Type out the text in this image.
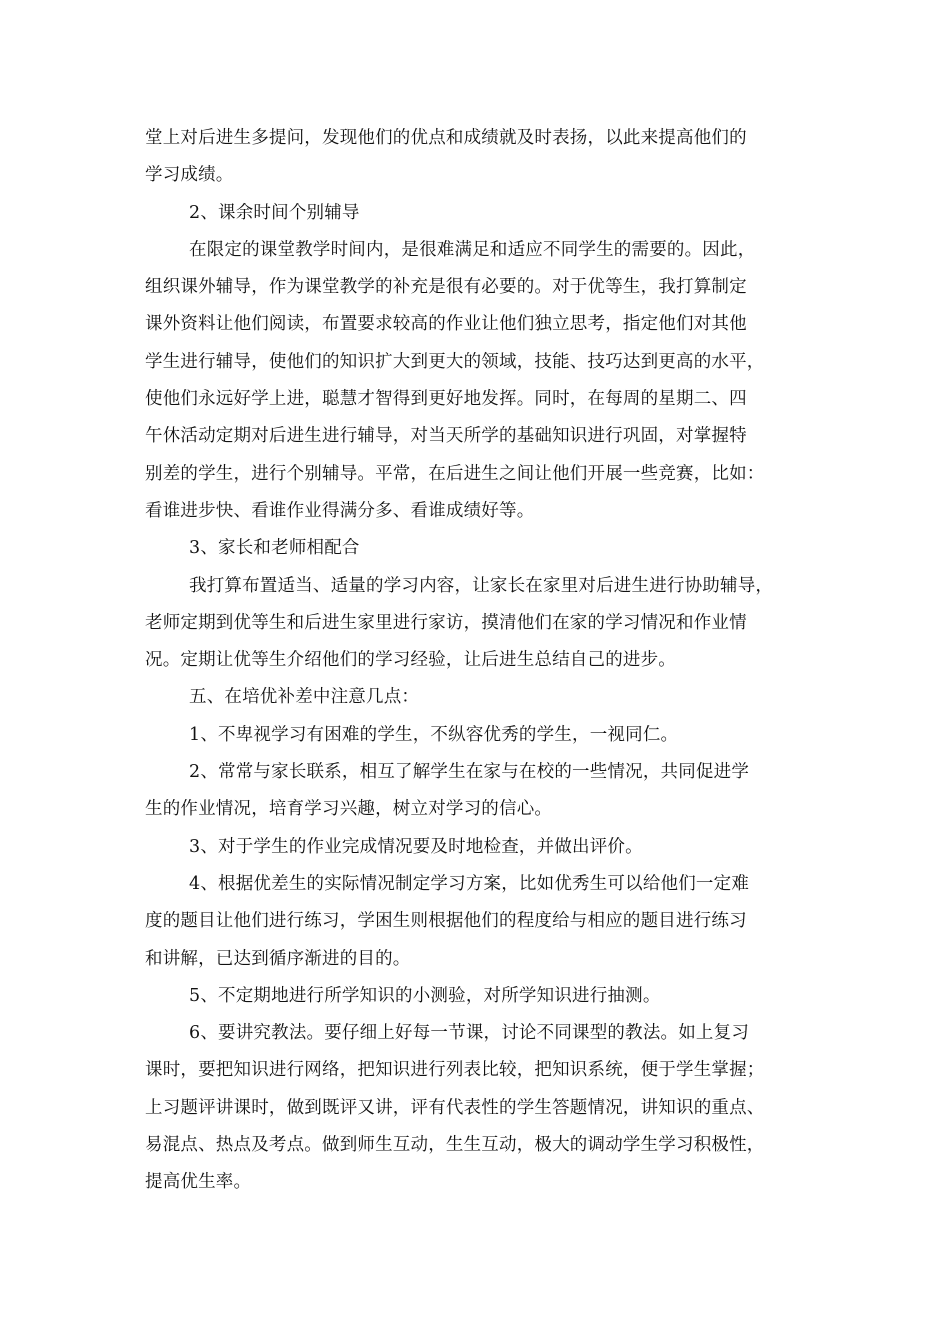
堂上对后进生多提问，发现他们的优点和成绩就及时表扬，以此来提高他们的
学习成绩。
2、课余时间个别辅导
在限定的课堂教学时间内，是很难满足和适应不同学生的需要的。因此，
组织课外辅导，作为课堂教学的补充是很有必要的。对于优等生，我打算制定
课外资料让他们阅读，布置要求较高的作业让他们独立思考，指定他们对其他
学生进行辅导，使他们的知识扩大到更大的领域，技能、技巧达到更高的水平，
使他们永远好学上进，聪慧才智得到更好地发挥。同时，在每周的星期二、四
午休活动定期对后进生进行辅导，对当天所学的基础知识进行巩固，对掌握特
别差的学生，进行个别辅导。平常，在后进生之间让他们开展一些竞赛，比如：
看谁进步快、看谁作业得满分多、看谁成绩好等。
3、家长和老师相配合
我打算布置适当、适量的学习内容，让家长在家里对后进生进行协助辅导，
老师定期到优等生和后进生家里进行家访，摸清他们在家的学习情况和作业情
况。定期让优等生介绍他们的学习经验，让后进生总结自己的进步。
五、在培优补差中注意几点：
1、不卑视学习有困难的学生，不纵容优秀的学生，一视同仁。
2、常常与家长联系，相互了解学生在家与在校的一些情况，共同促进学
生的作业情况，培育学习兴趣，树立对学习的信心。
3、对于学生的作业完成情况要及时地检查，并做出评价。
4、根据优差生的实际情况制定学习方案，比如优秀生可以给他们一定难
度的题目让他们进行练习，学困生则根据他们的程度给与相应的题目进行练习
和讲解，已达到循序渐进的目的。
5、不定期地进行所学知识的小测验，对所学知识进行抽测。
6、要讲究教法。要仔细上好每一节课，讨论不同课型的教法。如上复习
课时，要把知识进行网络，把知识进行列表比较，把知识系统，便于学生掌握；
上习题评讲课时，做到既评又讲，评有代表性的学生答题情况，讲知识的重点、
易混点、热点及考点。做到师生互动，生生互动，极大的调动学生学习积极性，
提高优生率。
